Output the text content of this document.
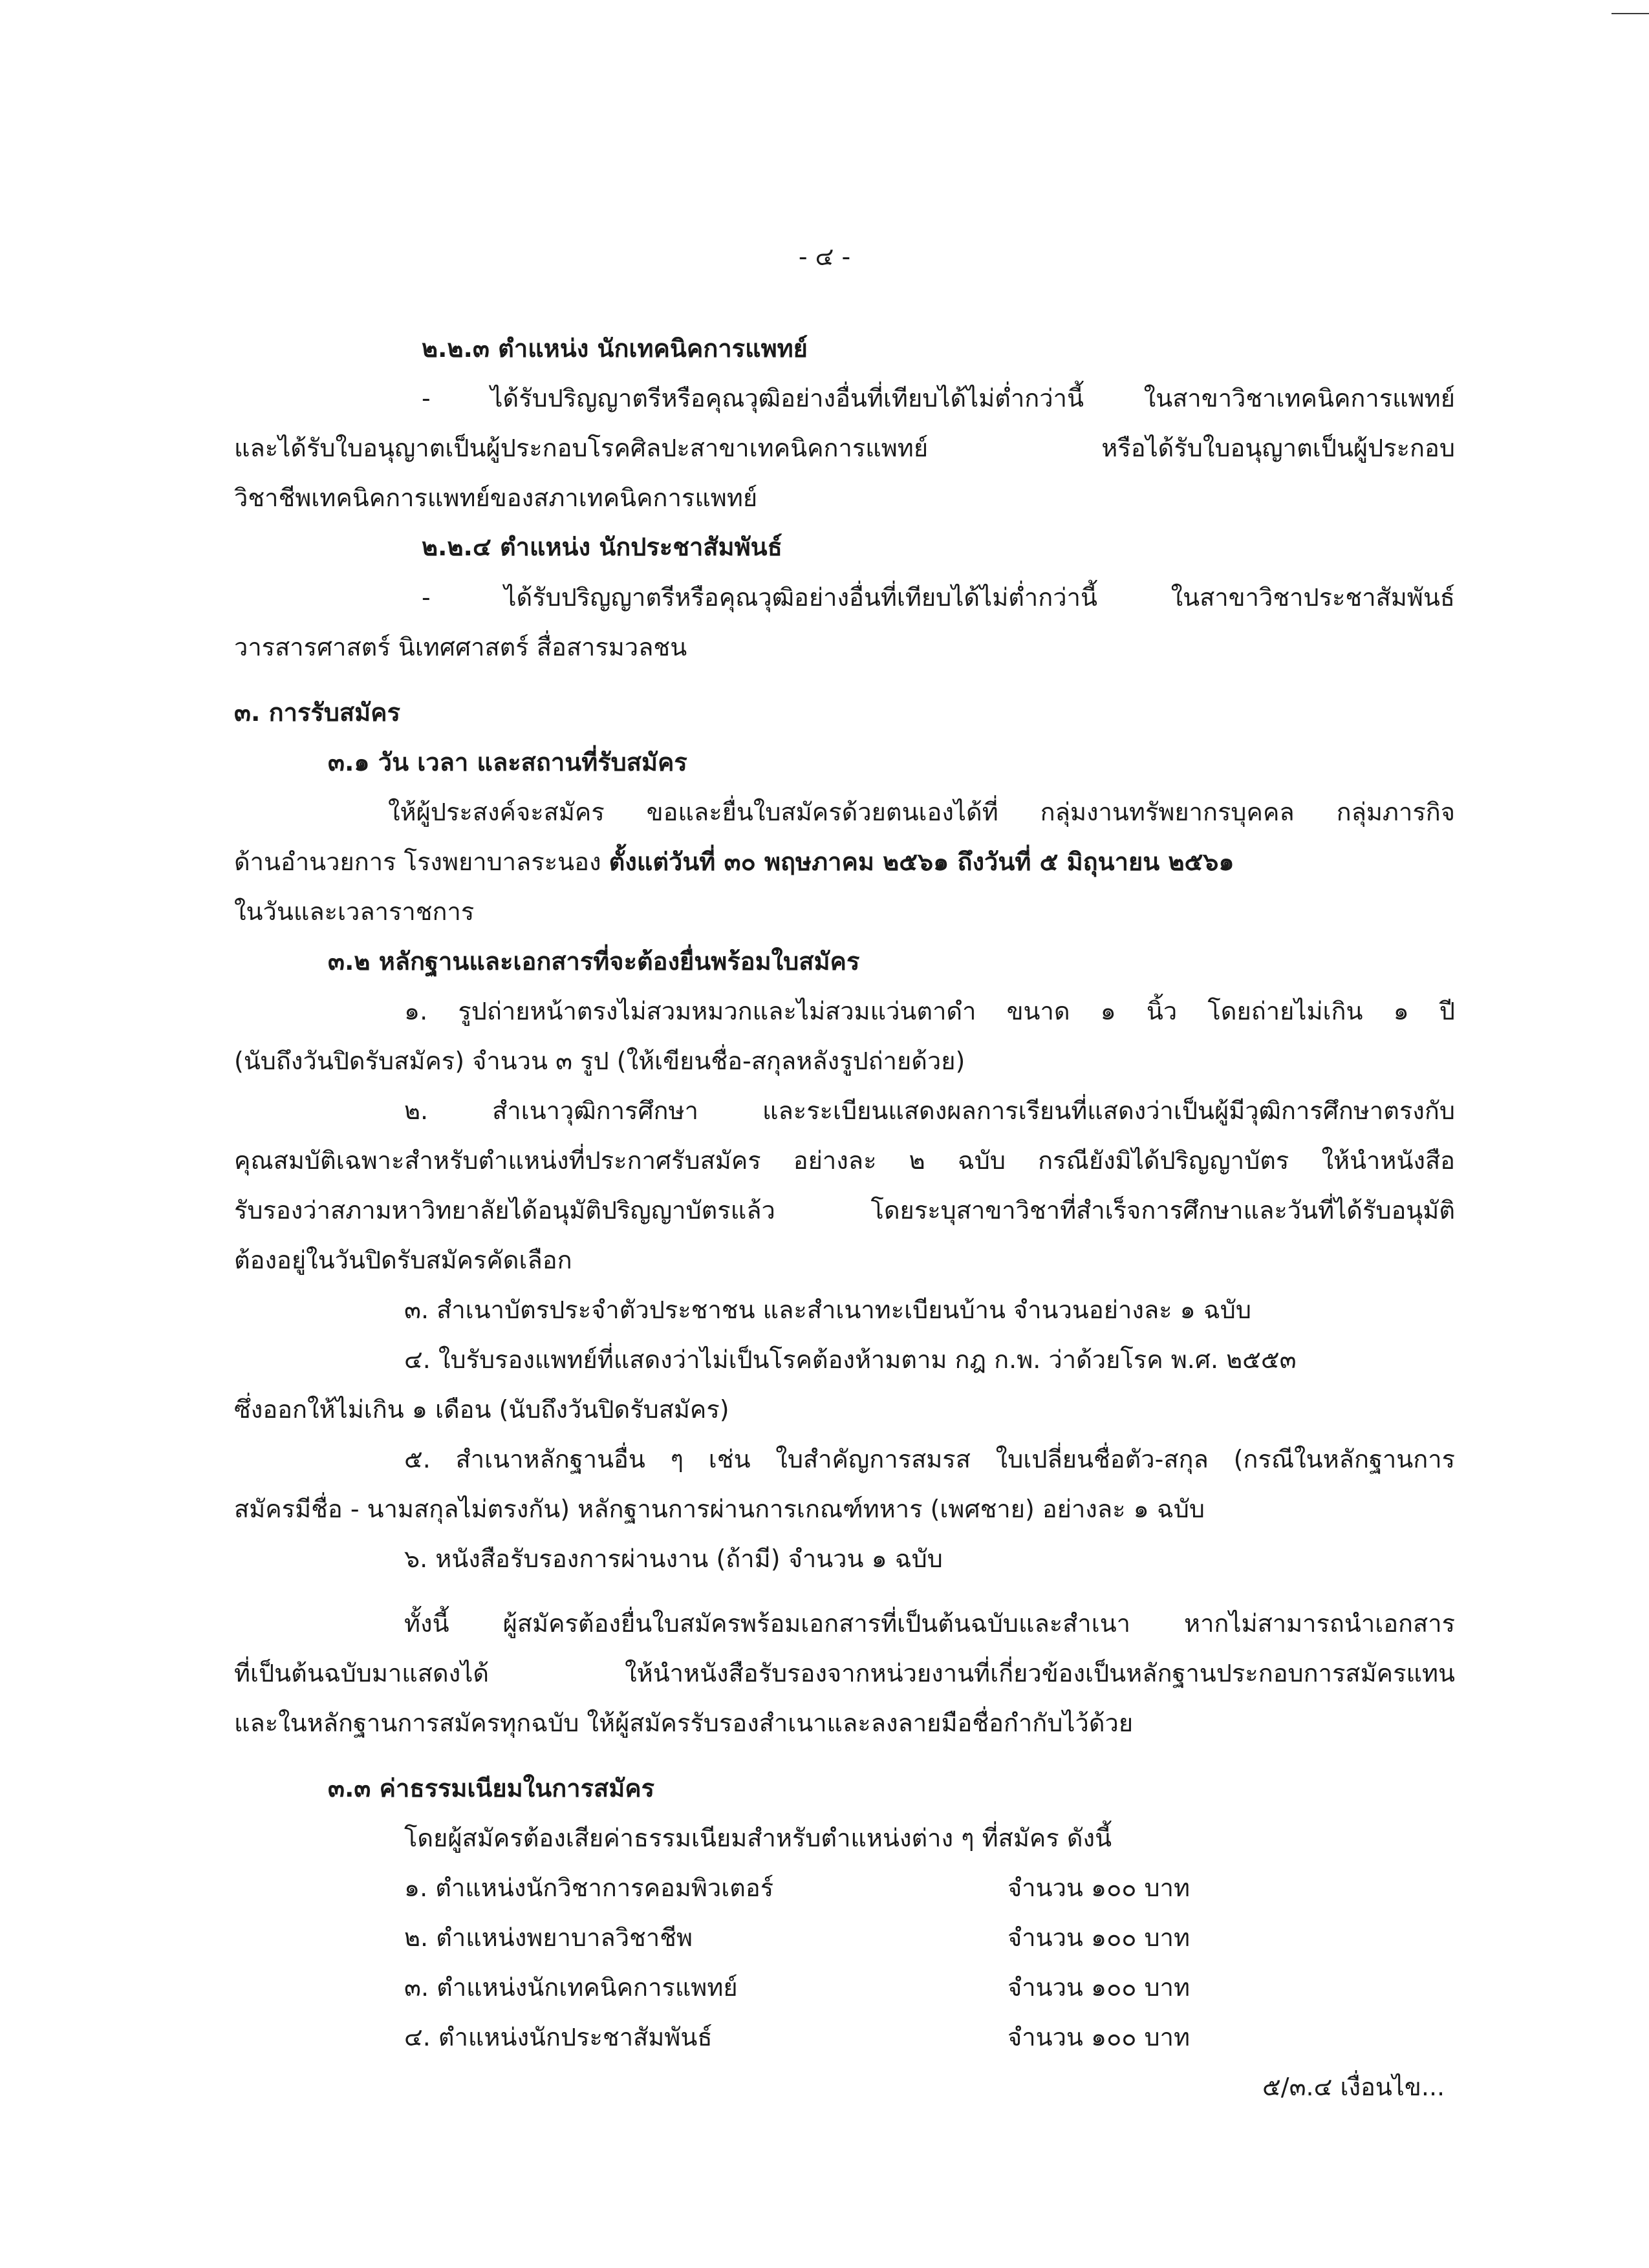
- ๔ -

๒.๒.๓ ตำแหน่ง นักเทคนิคการแพทย์

- ได้รับปริญญาตรีหรือคุณวุฒิอย่างอื่นที่เทียบได้ไม่ต่ำกว่านี้ ในสาขาวิชาเทคนิคการแพทย์

และได้รับใบอนุญาตเป็นผู้ประกอบโรคศิลปะสาขาเทคนิคการแพทย์ หรือได้รับใบอนุญาตเป็นผู้ประกอบ

วิชาชีพเทคนิคการแพทย์ของสภาเทคนิคการแพทย์

๒.๒.๔ ตำแหน่ง นักประชาสัมพันธ์

- ได้รับปริญญาตรีหรือคุณวุฒิอย่างอื่นที่เทียบได้ไม่ต่ำกว่านี้ ในสาขาวิชาประชาสัมพันธ์

วารสารศาสตร์ นิเทศศาสตร์ สื่อสารมวลชน

๓. การรับสมัคร

๓.๑ วัน เวลา และสถานที่รับสมัคร

ให้ผู้ประสงค์จะสมัคร ขอและยื่นใบสมัครด้วยตนเองได้ที่ กลุ่มงานทรัพยากรบุคคล กลุ่มภารกิจ

ด้านอำนวยการ โรงพยาบาลระนอง ตั้งแต่วันที่ ๓๐ พฤษภาคม ๒๕๖๑ ถึงวันที่ ๕ มิถุนายน ๒๕๖๑

ในวันและเวลาราชการ

๓.๒ หลักฐานและเอกสารที่จะต้องยื่นพร้อมใบสมัคร

๑. รูปถ่ายหน้าตรงไม่สวมหมวกและไม่สวมแว่นตาดำ ขนาด ๑ นิ้ว โดยถ่ายไม่เกิน ๑ ปี

(นับถึงวันปิดรับสมัคร) จำนวน ๓ รูป (ให้เขียนชื่อ-สกุลหลังรูปถ่ายด้วย)

๒. สำเนาวุฒิการศึกษา และระเบียนแสดงผลการเรียนที่แสดงว่าเป็นผู้มีวุฒิการศึกษาตรงกับ

คุณสมบัติเฉพาะสำหรับตำแหน่งที่ประกาศรับสมัคร อย่างละ ๒ ฉบับ กรณียังมิได้ปริญญาบัตร ให้นำหนังสือ

รับรองว่าสภามหาวิทยาลัยได้อนุมัติปริญญาบัตรแล้ว โดยระบุสาขาวิชาที่สำเร็จการศึกษาและวันที่ได้รับอนุมัติ

ต้องอยู่ในวันปิดรับสมัครคัดเลือก

๓. สำเนาบัตรประจำตัวประชาชน และสำเนาทะเบียนบ้าน จำนวนอย่างละ ๑ ฉบับ

๔. ใบรับรองแพทย์ที่แสดงว่าไม่เป็นโรคต้องห้ามตาม กฎ ก.พ. ว่าด้วยโรค พ.ศ. ๒๕๕๓

ซึ่งออกให้ไม่เกิน ๑ เดือน (นับถึงวันปิดรับสมัคร)

๕. สำเนาหลักฐานอื่น ๆ เช่น ใบสำคัญการสมรส ใบเปลี่ยนชื่อตัว-สกุล (กรณีในหลักฐานการ

สมัครมีชื่อ - นามสกุลไม่ตรงกัน) หลักฐานการผ่านการเกณฑ์ทหาร (เพศชาย) อย่างละ ๑ ฉบับ

๖. หนังสือรับรองการผ่านงาน (ถ้ามี) จำนวน ๑ ฉบับ

ทั้งนี้ ผู้สมัครต้องยื่นใบสมัครพร้อมเอกสารที่เป็นต้นฉบับและสำเนา หากไม่สามารถนำเอกสาร

ที่เป็นต้นฉบับมาแสดงได้ ให้นำหนังสือรับรองจากหน่วยงานที่เกี่ยวข้องเป็นหลักฐานประกอบการสมัครแทน

และในหลักฐานการสมัครทุกฉบับ ให้ผู้สมัครรับรองสำเนาและลงลายมือชื่อกำกับไว้ด้วย

๓.๓ ค่าธรรมเนียมในการสมัคร

โดยผู้สมัครต้องเสียค่าธรรมเนียมสำหรับตำแหน่งต่าง ๆ ที่สมัคร ดังนี้

๑. ตำแหน่งนักวิชาการคอมพิวเตอร์	จำนวน ๑๐๐ บาท

๒. ตำแหน่งพยาบาลวิชาชีพ	จำนวน ๑๐๐ บาท

๓. ตำแหน่งนักเทคนิคการแพทย์	จำนวน ๑๐๐ บาท

๔. ตำแหน่งนักประชาสัมพันธ์	จำนวน ๑๐๐ บาท

๕/๓.๔ เงื่อนไข...
